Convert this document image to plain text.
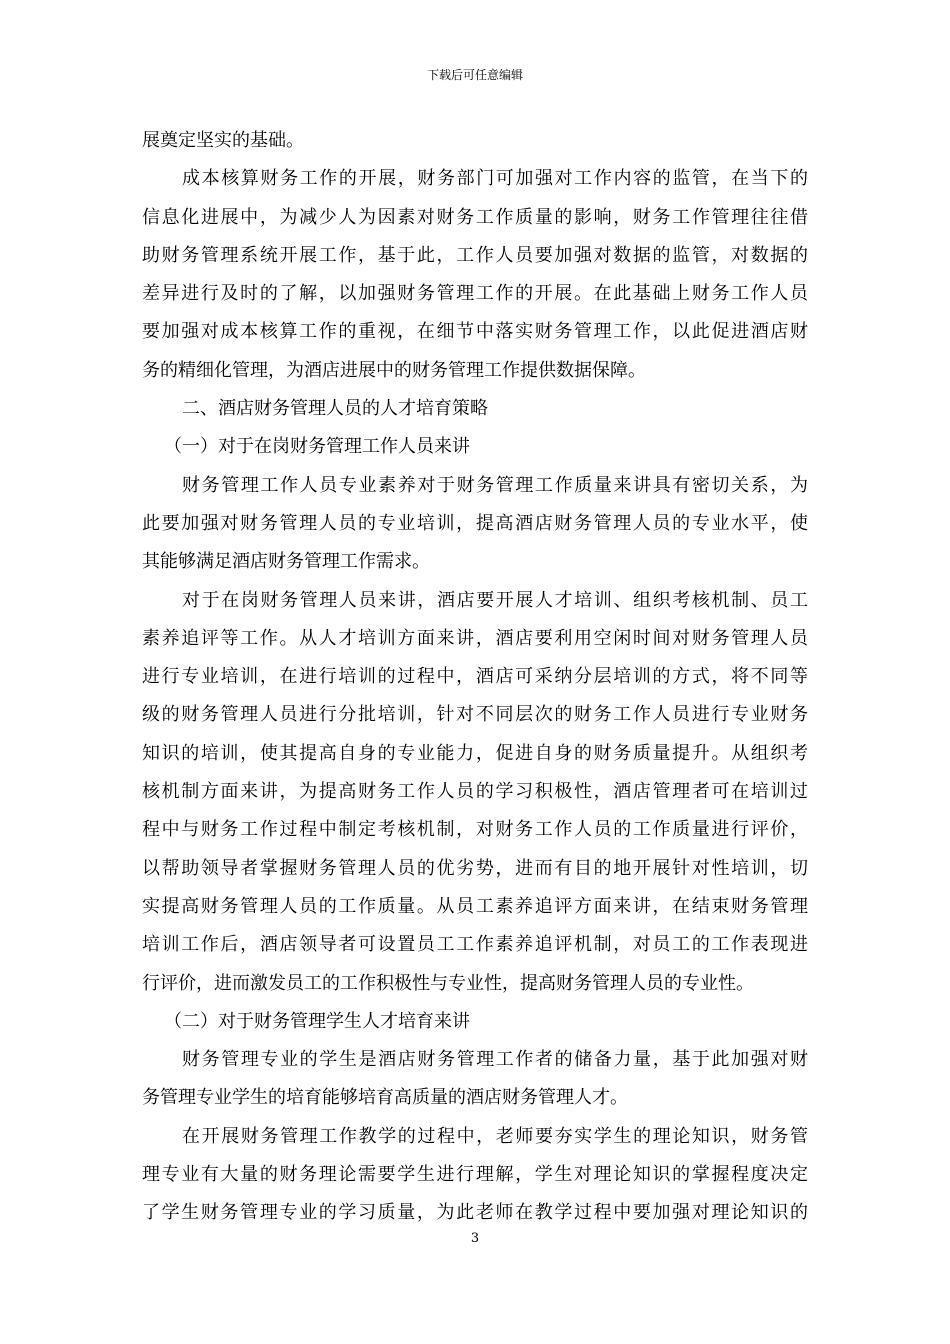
下载后可任意编辑
展奠定坚实的基础。
成本核算财务工作的开展，财务部门可加强对工作内容的监管，在当下的
信息化进展中，为减少人为因素对财务工作质量的影响，财务工作管理往往借
助财务管理系统开展工作，基于此，工作人员要加强对数据的监管，对数据的
差异进行及时的了解，以加强财务管理工作的开展。在此基础上财务工作人员
要加强对成本核算工作的重视，在细节中落实财务管理工作，以此促进酒店财
务的精细化管理，为酒店进展中的财务管理工作提供数据保障。
二、酒店财务管理人员的人才培育策略
（一）对于在岗财务管理工作人员来讲
财务管理工作人员专业素养对于财务管理工作质量来讲具有密切关系，为
此要加强对财务管理人员的专业培训，提高酒店财务管理人员的专业水平，使
其能够满足酒店财务管理工作需求。
对于在岗财务管理人员来讲，酒店要开展人才培训、组织考核机制、员工
素养追评等工作。从人才培训方面来讲，酒店要利用空闲时间对财务管理人员
进行专业培训，在进行培训的过程中，酒店可采纳分层培训的方式，将不同等
级的财务管理人员进行分批培训，针对不同层次的财务工作人员进行专业财务
知识的培训，使其提高自身的专业能力，促进自身的财务质量提升。从组织考
核机制方面来讲，为提高财务工作人员的学习积极性，酒店管理者可在培训过
程中与财务工作过程中制定考核机制，对财务工作人员的工作质量进行评价，
以帮助领导者掌握财务管理人员的优劣势，进而有目的地开展针对性培训，切
实提高财务管理人员的工作质量。从员工素养追评方面来讲，在结束财务管理
培训工作后，酒店领导者可设置员工工作素养追评机制，对员工的工作表现进
行评价，进而激发员工的工作积极性与专业性，提高财务管理人员的专业性。
（二）对于财务管理学生人才培育来讲
财务管理专业的学生是酒店财务管理工作者的储备力量，基于此加强对财
务管理专业学生的培育能够培育高质量的酒店财务管理人才。
在开展财务管理工作教学的过程中，老师要夯实学生的理论知识，财务管
理专业有大量的财务理论需要学生进行理解，学生对理论知识的掌握程度决定
了学生财务管理专业的学习质量，为此老师在教学过程中要加强对理论知识的
3
